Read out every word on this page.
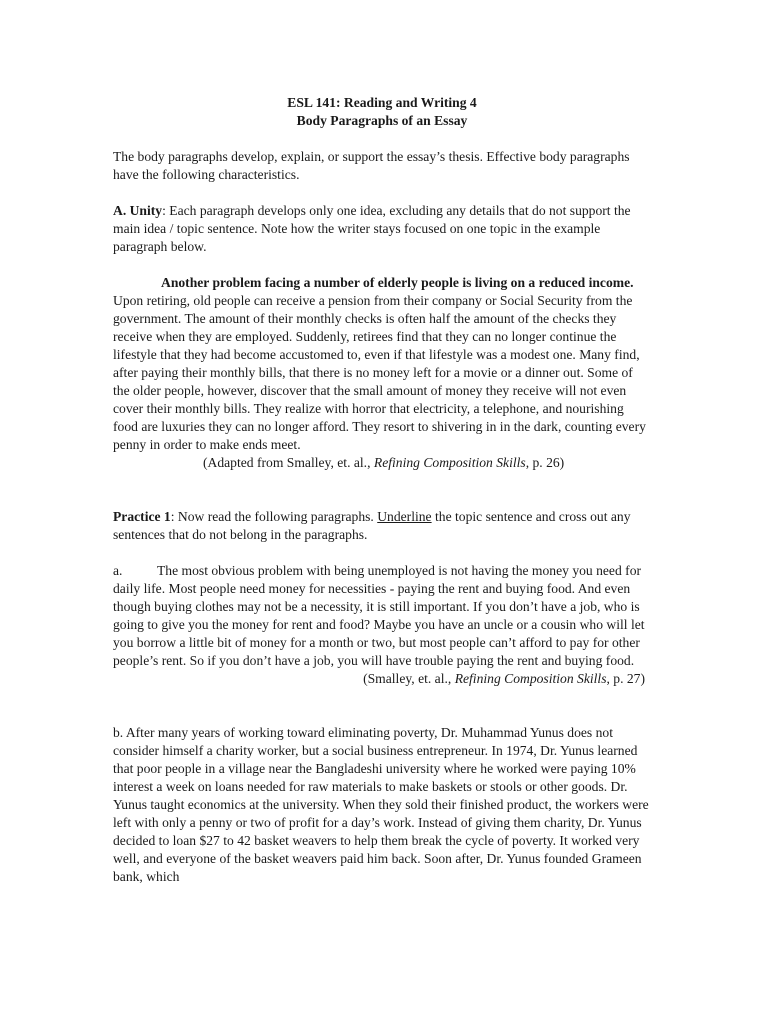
ESL 141: Reading and Writing 4

Body Paragraphs of an Essay

The body paragraphs develop, explain, or support the essay’s thesis. Effective body paragraphs have the following characteristics.

A. Unity: Each paragraph develops only one idea, excluding any details that do not support the main idea / topic sentence. Note how the writer stays focused on one topic in the example paragraph below.

Another problem facing a number of elderly people is living on a reduced income. Upon retiring, old people can receive a pension from their company or Social Security from the government. The amount of their monthly checks is often half the amount of the checks they receive when they are employed. Suddenly, retirees find that they can no longer continue the lifestyle that they had become accustomed to, even if that lifestyle was a modest one. Many find, after paying their monthly bills, that there is no money left for a movie or a dinner out. Some of the older people, however, discover that the small amount of money they receive will not even cover their monthly bills. They realize with horror that electricity, a telephone, and nourishing food are luxuries they can no longer afford. They resort to shivering in in the dark, counting every penny in order to make ends meet.

(Adapted from Smalley, et. al., Refining Composition Skills, p. 26)

Practice 1: Now read the following paragraphs. Underline the topic sentence and cross out any sentences that do not belong in the paragraphs.

a.	The most obvious problem with being unemployed is not having the money you need for daily life. Most people need money for necessities - paying the rent and buying food. And even though buying clothes may not be a necessity, it is still important. If you don’t have a job, who is going to give you the money for rent and food? Maybe you have an uncle or a cousin who will let you borrow a little bit of money for a month or two, but most people can’t afford to pay for other people’s rent. So if you don’t have a job, you will have trouble paying the rent and buying food.

(Smalley, et. al., Refining Composition Skills, p. 27)

b. After many years of working toward eliminating poverty, Dr. Muhammad Yunus does not consider himself a charity worker, but a social business entrepreneur. In 1974, Dr. Yunus learned that poor people in a village near the Bangladeshi university where he worked were paying 10% interest a week on loans needed for raw materials to make baskets or stools or other goods. Dr. Yunus taught economics at the university. When they sold their finished product, the workers were left with only a penny or two of profit for a day’s work. Instead of giving them charity, Dr. Yunus decided to loan $27 to 42 basket weavers to help them break the cycle of poverty. It worked very well, and everyone of the basket weavers paid him back. Soon after, Dr. Yunus founded Grameen bank, which
